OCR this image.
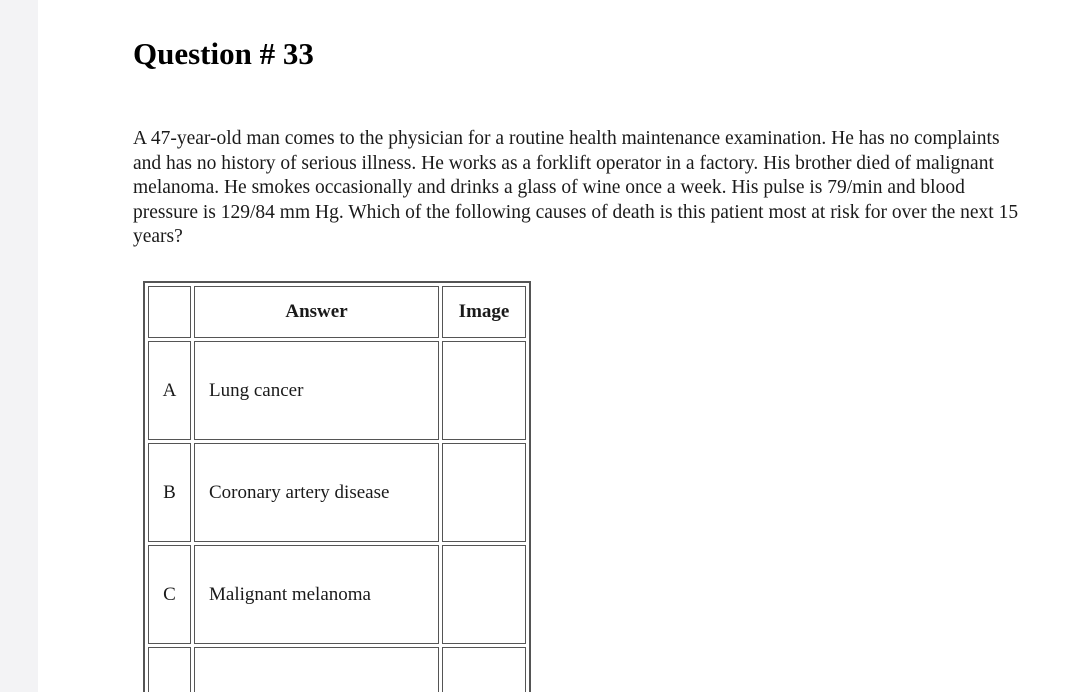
Question # 33

A 47-year-old man comes to the physician for a routine health maintenance examination. He has no complaints and has no history of serious illness. He works as a forklift operator in a factory. His brother died of malignant melanoma. He smokes occasionally and drinks a glass of wine once a week. His pulse is 79/min and blood pressure is 129/84 mm Hg. Which of the following causes of death is this patient most at risk for over the next 15 years?

	Answer	Image
A	Lung cancer	
B	Coronary artery disease	
C	Malignant melanoma	
